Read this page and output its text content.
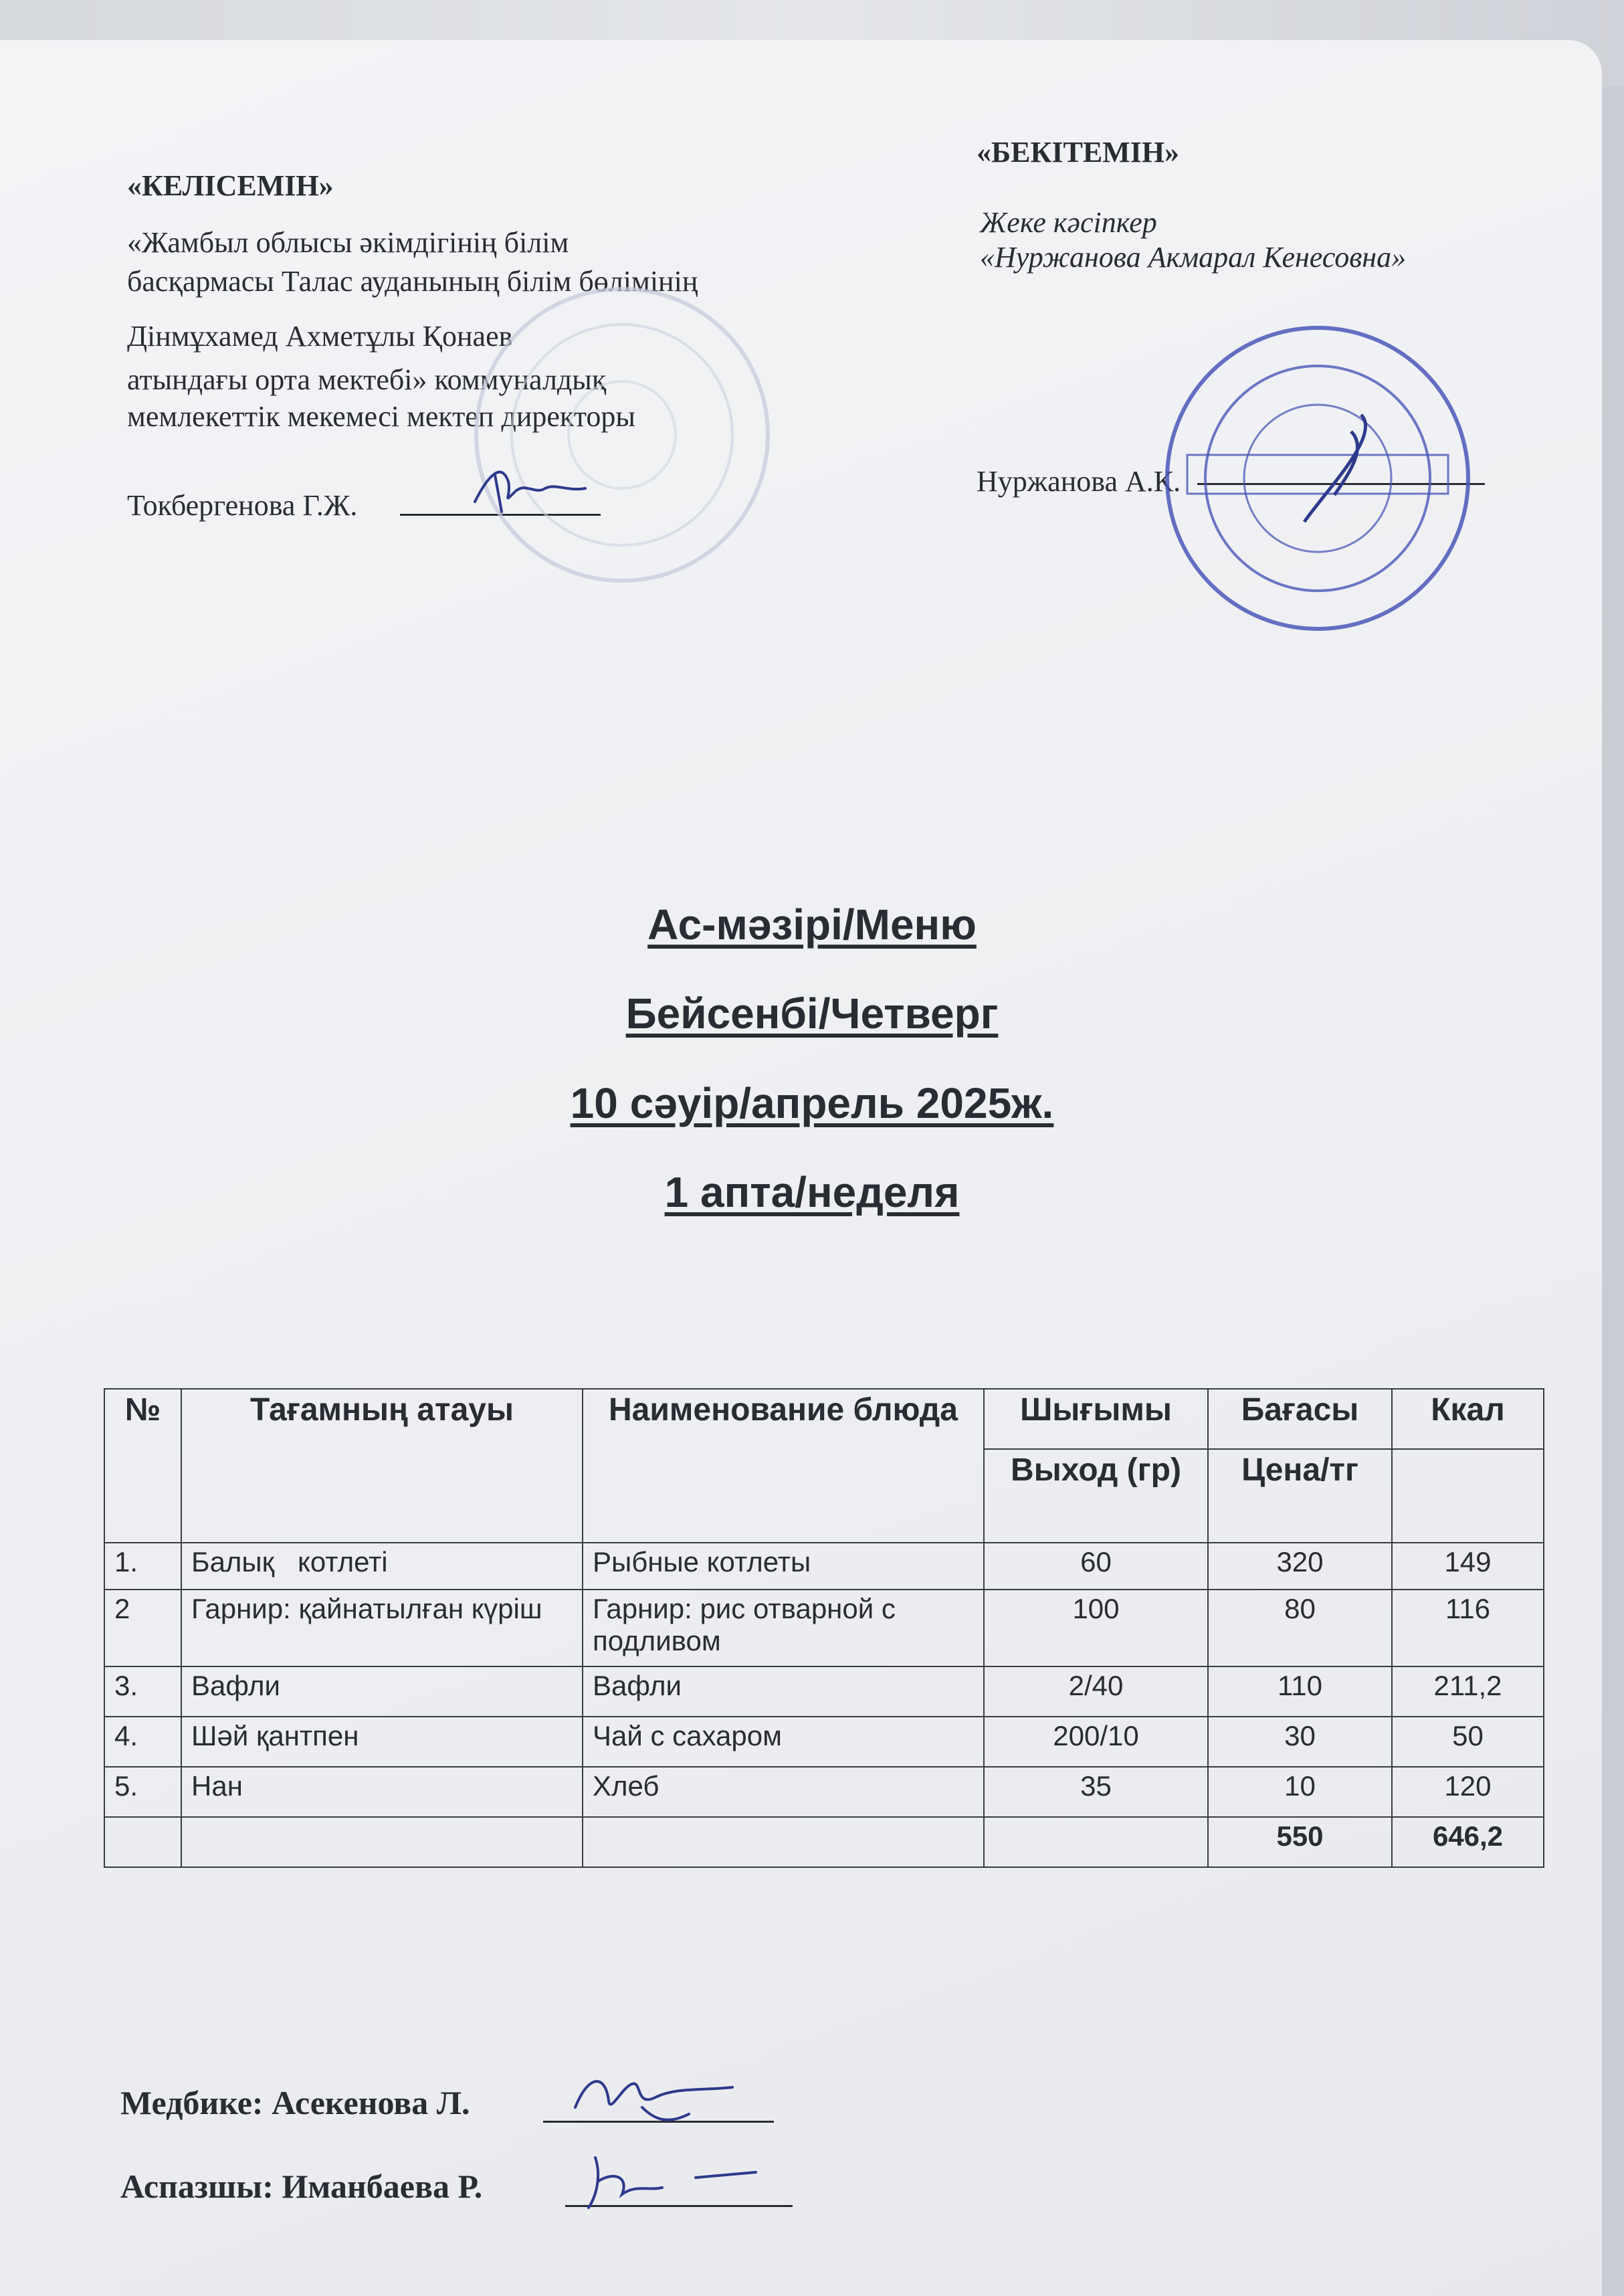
«КЕЛІСЕМІН»
«Жамбыл облысы әкімдігінің білім
басқармасы Талас ауданының білім бөлімінің
Дінмұхамед Ахметұлы Қонаев
атындағы орта мектебі» коммуналдық
мемлекеттік мекемесі мектеп директоры
Токбергенова Г.Ж.
«БЕКІТЕМІН»
Жеке кәсіпкер
«Нуржанова Акмарал Кенесовна»
Нуржанова А.К.
Ас-мәзірі/Меню
Бейсенбі/Четверг
10 сәуір/апрель 2025ж.
1 апта/неделя
№	Тағамның атауы	Наименование блюда	Шығымы	Бағасы	Ккал
			Выход (гр)	Цена/тг	
1.	Балық   котлеті	Рыбные котлеты	60	320	149
2	Гарнир: қайнатылған күріш	Гарнир: рис отварной с подливом	100	80	116
3.	Вафли	Вафли	2/40	110	211,2
4.	Шәй қантпен	Чай с сахаром	200/10	30	50
5.	Нан	Хлеб	35	10	120
				550	646,2
Медбике: Асекенова Л.
Аспазшы: Иманбаева Р.
